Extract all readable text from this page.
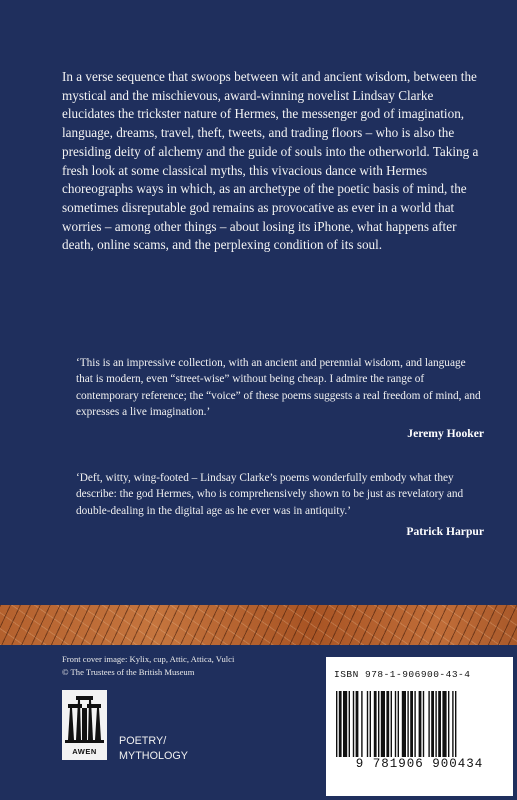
In a verse sequence that swoops between wit and ancient wisdom, between the mystical and the mischievous, award-winning novelist Lindsay Clarke elucidates the trickster nature of Hermes, the messenger god of imagination, language, dreams, travel, theft, tweets, and trading floors – who is also the presiding deity of alchemy and the guide of souls into the otherworld. Taking a fresh look at some classical myths, this vivacious dance with Hermes choreographs ways in which, as an archetype of the poetic basis of mind, the sometimes disreputable god remains as provocative as ever in a world that worries – among other things – about losing its iPhone, what happens after death, online scams, and the perplexing condition of its soul.

‘This is an impressive collection, with an ancient and perennial wisdom, and language that is modern, even “street-wise” without being cheap. I admire the range of contemporary reference; the “voice” of these poems suggests a real freedom of mind, and expresses a live imagination.’

Jeremy Hooker

‘Deft, witty, wing-footed – Lindsay Clarke’s poems wonderfully embody what they describe: the god Hermes, who is comprehensively shown to be just as revelatory and double-dealing in the digital age as he ever was in antiquity.’

Patrick Harpur
Front cover image: Kylix, cup, Attic, Attica, Vulci
© The Trustees of the British Museum
AWEN
POETRY/
MYTHOLOGY
ISBN 978-1-906900-43-4
9 781906 900434
